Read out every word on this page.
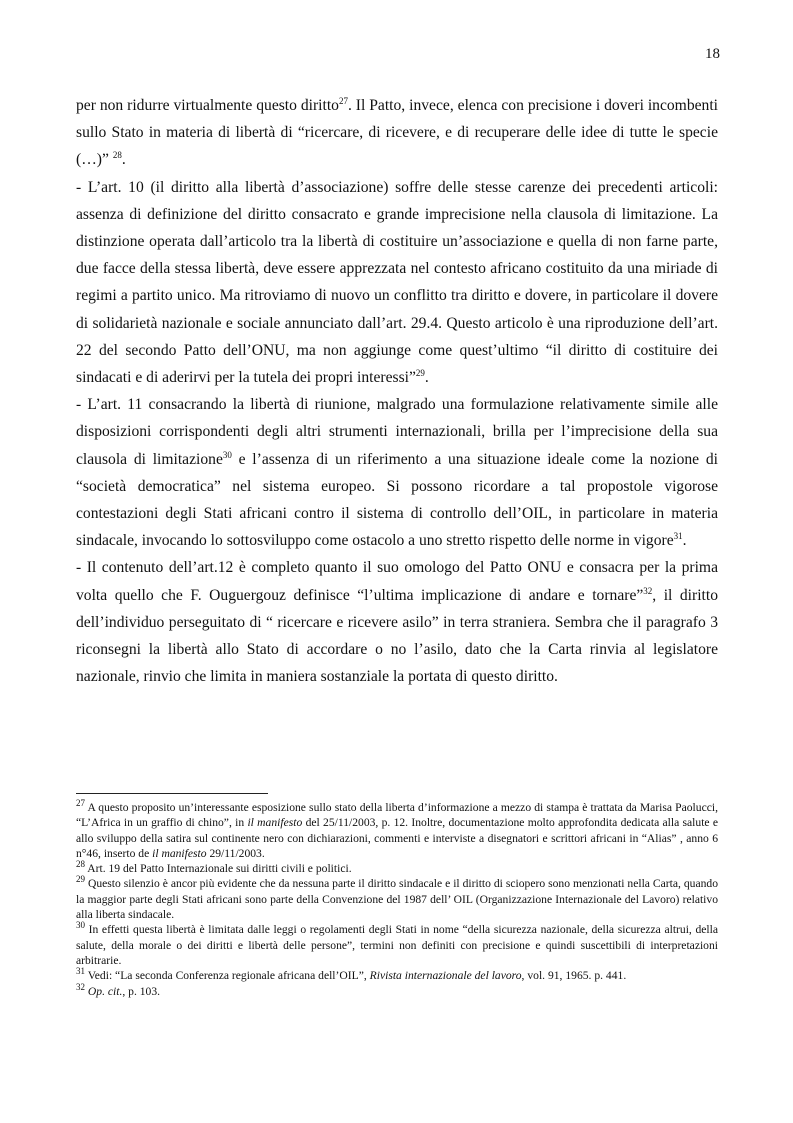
18

per non ridurre virtualmente questo diritto$^{27}$. Il Patto, invece, elenca con precisione i doveri incombenti sullo Stato in materia di libertà di “ricercare, di ricevere, e di recuperare delle idee di tutte le specie (…)” $^{28}$.

- L’art. 10 (il diritto alla libertà d’associazione) soffre delle stesse carenze dei precedenti articoli: assenza di definizione del diritto consacrato e grande imprecisione nella clausola di limitazione. La distinzione operata dall’articolo tra la libertà di costituire un’associazione e quella di non farne parte, due facce della stessa libertà, deve essere apprezzata nel contesto africano costituito da una miriade di regimi a partito unico. Ma ritroviamo di nuovo un conflitto tra diritto e dovere, in particolare il dovere di solidarietà nazionale e sociale annunciato dall’art. 29.4. Questo articolo è una riproduzione dell’art. 22 del secondo Patto dell’ONU, ma non aggiunge come quest’ultimo “il diritto di costituire dei sindacati e di aderirvi per la tutela dei propri interessi”$^{29}$.

- L’art. 11 consacrando la libertà di riunione, malgrado una formulazione relativamente simile alle disposizioni corrispondenti degli altri strumenti internazionali, brilla per l’imprecisione della sua clausola di limitazione$^{30}$ e l’assenza di un riferimento a una situazione ideale come la nozione di “società democratica” nel sistema europeo. Si possono ricordare a tal propostole vigorose contestazioni degli Stati africani contro il sistema di controllo dell’OIL, in particolare in materia sindacale, invocando lo sottosviluppo come ostacolo a uno stretto rispetto delle norme in vigore$^{31}$.

- Il contenuto dell’art.12 è completo quanto il suo omologo del Patto ONU e consacra per la prima volta quello che F. Ouguergouz definisce “l’ultima implicazione di andare e tornare”$^{32}$, il diritto dell’individuo perseguitato di “ ricercare e ricevere asilo” in terra straniera. Sembra che il paragrafo 3 riconsegni la libertà allo Stato di accordare o no l’asilo, dato che la Carta rinvia al legislatore nazionale, rinvio che limita in maniera sostanziale la portata di questo diritto.

$^{27}$ A questo proposito un’interessante esposizione sullo stato della liberta d’informazione a mezzo di stampa è trattata da Marisa Paolucci, “L’Africa in un graffio di chino”, in il manifesto del 25/11/2003, p. 12. Inoltre, documentazione molto approfondita dedicata alla salute e allo sviluppo della satira sul continente nero con dichiarazioni, commenti e interviste a disegnatori e scrittori africani in “Alias” , anno 6 n°46, inserto de il manifesto 29/11/2003.

$^{28}$ Art. 19 del Patto Internazionale sui diritti civili e politici.

$^{29}$ Questo silenzio è ancor più evidente che da nessuna parte il diritto sindacale e il diritto di sciopero sono menzionati nella Carta, quando la maggior parte degli Stati africani sono parte della Convenzione del 1987 dell’ OIL (Organizzazione Internazionale del Lavoro) relativo alla liberta sindacale.

$^{30}$ In effetti questa libertà è limitata dalle leggi o regolamenti degli Stati in nome “della sicurezza nazionale, della sicurezza altrui, della salute, della morale o dei diritti e libertà delle persone”, termini non definiti con precisione e quindi suscettibili di interpretazioni arbitrarie.

$^{31}$ Vedi: “La seconda Conferenza regionale africana dell’OIL”, Rivista internazionale del lavoro, vol. 91, 1965. p. 441.

$^{32}$ Op. cit., p. 103.
